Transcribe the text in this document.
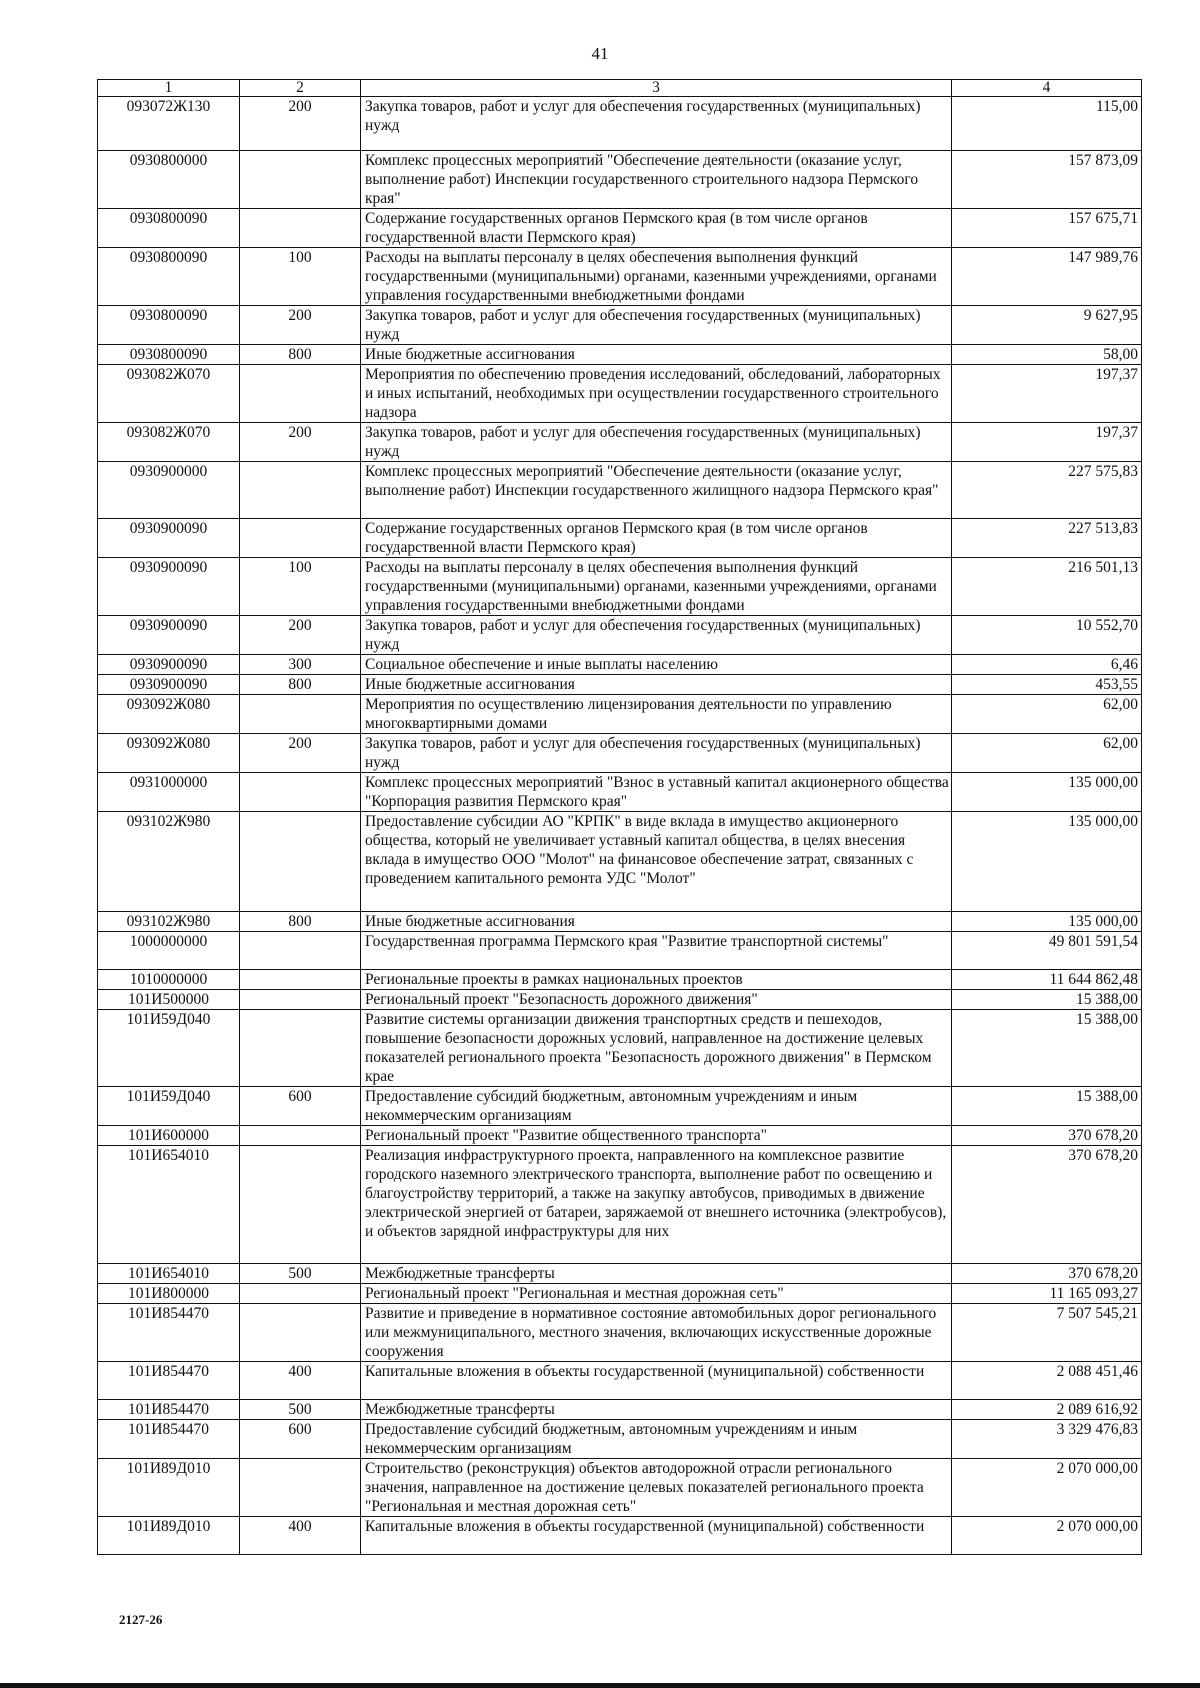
41
1	2	3	4
093072Ж130	200	Закупка товаров, работ и услуг для обеспечения государственных (муниципальных) нужд	115,00
0930800000		Комплекс процессных мероприятий "Обеспечение деятельности (оказание услуг, выполнение работ) Инспекции государственного строительного надзора Пермского края"	157 873,09
0930800090		Содержание государственных органов Пермского края (в том числе органов государственной власти Пермского края)	157 675,71
0930800090	100	Расходы на выплаты персоналу в целях обеспечения выполнения функций государственными (муниципальными) органами, казенными учреждениями, органами управления государственными внебюджетными фондами	147 989,76
0930800090	200	Закупка товаров, работ и услуг для обеспечения государственных (муниципальных) нужд	9 627,95
0930800090	800	Иные бюджетные ассигнования	58,00
093082Ж070		Мероприятия по обеспечению проведения исследований, обследований, лабораторных и иных испытаний, необходимых при осуществлении государственного строительного надзора	197,37
093082Ж070	200	Закупка товаров, работ и услуг для обеспечения государственных (муниципальных) нужд	197,37
0930900000		Комплекс процессных мероприятий "Обеспечение деятельности (оказание услуг, выполнение работ) Инспекции государственного жилищного надзора Пермского края"	227 575,83
0930900090		Содержание государственных органов Пермского края (в том числе органов государственной власти Пермского края)	227 513,83
0930900090	100	Расходы на выплаты персоналу в целях обеспечения выполнения функций государственными (муниципальными) органами, казенными учреждениями, органами управления государственными внебюджетными фондами	216 501,13
0930900090	200	Закупка товаров, работ и услуг для обеспечения государственных (муниципальных) нужд	10 552,70
0930900090	300	Социальное обеспечение и иные выплаты населению	6,46
0930900090	800	Иные бюджетные ассигнования	453,55
093092Ж080		Мероприятия по осуществлению лицензирования деятельности по управлению многоквартирными домами	62,00
093092Ж080	200	Закупка товаров, работ и услуг для обеспечения государственных (муниципальных) нужд	62,00
0931000000		Комплекс процессных мероприятий "Взнос в уставный капитал акционерного общества "Корпорация развития Пермского края"	135 000,00
093102Ж980		Предоставление субсидии АО "КРПК" в виде вклада в имущество акционерного общества, который не увеличивает уставный капитал общества, в целях внесения вклада в имущество ООО "Молот" на финансовое обеспечение затрат, связанных с проведением капитального ремонта УДС "Молот"	135 000,00
093102Ж980	800	Иные бюджетные ассигнования	135 000,00
1000000000		Государственная программа Пермского края "Развитие транспортной системы"	49 801 591,54
1010000000		Региональные проекты в рамках национальных проектов	11 644 862,48
101И500000		Региональный проект "Безопасность дорожного движения"	15 388,00
101И59Д040		Развитие системы организации движения транспортных средств и пешеходов, повышение безопасности дорожных условий, направленное на достижение целевых показателей регионального проекта "Безопасность дорожного движения" в Пермском крае	15 388,00
101И59Д040	600	Предоставление субсидий бюджетным, автономным учреждениям и иным некоммерческим организациям	15 388,00
101И600000		Региональный проект "Развитие общественного транспорта"	370 678,20
101И654010		Реализация инфраструктурного проекта, направленного на комплексное развитие городского наземного электрического транспорта, выполнение работ по освещению и благоустройству территорий, а также на закупку автобусов, приводимых в движение электрической энергией от батареи, заряжаемой от внешнего источника (электробусов), и объектов зарядной инфраструктуры для них	370 678,20
101И654010	500	Межбюджетные трансферты	370 678,20
101И800000		Региональный проект "Региональная и местная дорожная сеть"	11 165 093,27
101И854470		Развитие и приведение в нормативное состояние автомобильных дорог регионального или межмуниципального, местного значения, включающих искусственные дорожные сооружения	7 507 545,21
101И854470	400	Капитальные вложения в объекты государственной (муниципальной) собственности	2 088 451,46
101И854470	500	Межбюджетные трансферты	2 089 616,92
101И854470	600	Предоставление субсидий бюджетным, автономным учреждениям и иным некоммерческим организациям	3 329 476,83
101И89Д010		Строительство (реконструкция) объектов автодорожной отрасли регионального значения, направленное на достижение целевых показателей регионального проекта "Региональная и местная дорожная сеть"	2 070 000,00
101И89Д010	400	Капитальные вложения в объекты государственной (муниципальной) собственности	2 070 000,00
2127-26
